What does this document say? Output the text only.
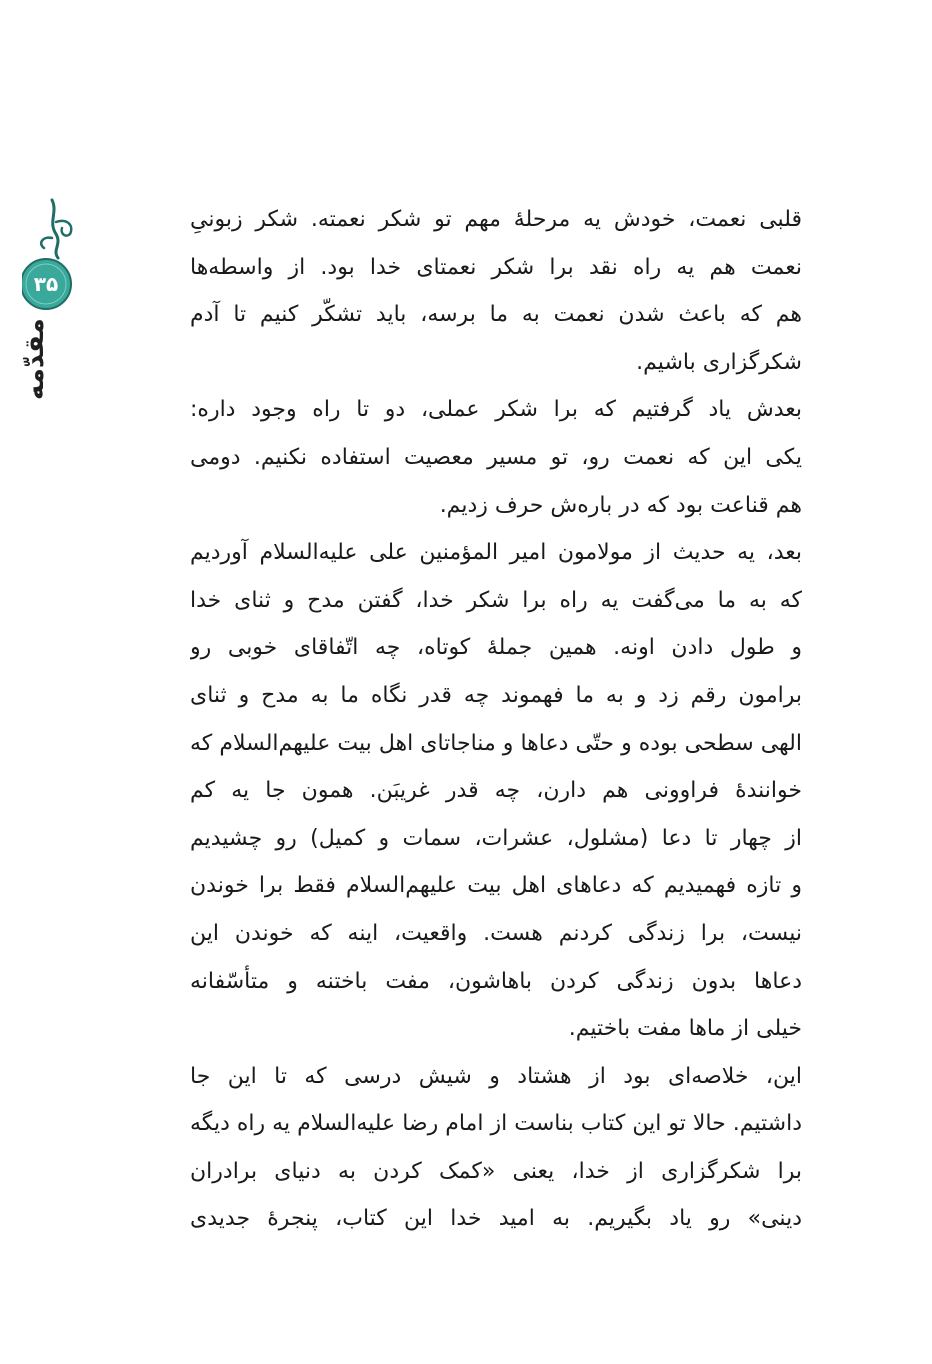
۳۵
مقدّمه
قلبی نعمت، خودش یه مرحلهٔ مهم تو شکر نعمته. شکر زبونیِ
نعمت هم یه راه نقد برا شکر نعمتای خدا بود. از واسطه‌ها
هم که باعث شدن نعمت به ما برسه، باید تشکّر کنیم تا آدم
شکرگزاری باشیم.
بعدش یاد گرفتیم که برا شکر عملی، دو تا راه وجود داره:
یکی این که نعمت رو، تو مسیر معصیت استفاده نکنیم. دومی
هم قناعت بود که در باره‌ش حرف زدیم.
بعد، یه حدیث از مولامون امیر المؤمنین علی علیه‌السلام آوردیم
که به ما می‌گفت یه راه برا شکر خدا، گفتن مدح و ثنای خدا
و طول دادن اونه. همین جملهٔ کوتاه، چه اتّفاقای خوبی رو
برامون رقم زد و به ما فهموند چه قدر نگاه ما به مدح و ثنای
الهی سطحی بوده و حتّی دعاها و مناجاتای اهل بیت علیهم‌السلام که
خوانندهٔ فراوونی هم دارن، چه قدر غریبَن. همون جا یه کم
از چهار تا دعا (مشلول، عشرات، سمات و کمیل) رو چشیدیم
و تازه فهمیدیم که دعاهای اهل بیت علیهم‌السلام فقط برا خوندن
نیست، برا زندگی کردنم هست. واقعیت، اینه که خوندن این
دعاها بدون زندگی کردن باهاشون، مفت باختنه و متأسّفانه
خیلی از ماها مفت باختیم.
این، خلاصه‌ای بود از هشتاد و شیش درسی که تا این جا
داشتیم. حالا تو این کتاب بناست از امام رضا علیه‌السلام یه راه دیگه
برا شکرگزاری از خدا، یعنی «کمک کردن به دنیای برادران
دینی» رو یاد بگیریم. به امید خدا این کتاب، پنجرهٔ جدیدی
